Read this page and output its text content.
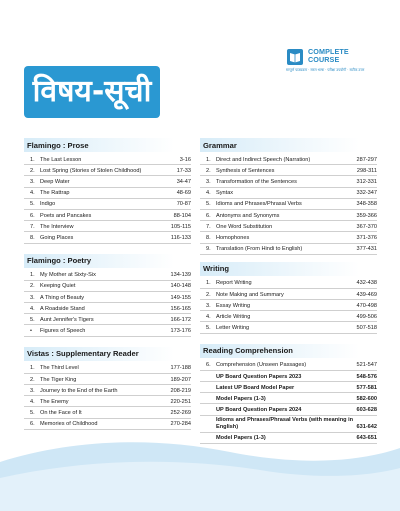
COMPLETE
COURSE
सम्पूर्ण पाठ्यक्रम · सरल भाषा · परीक्षा उपयोगी · सटीक उत्तर
विषय-सूची
Flamingo : Prose
1. The Last Lesson	3-16
2. Lost Spring (Stories of Stolen Childhood)	17-33
3. Deep Water	34-47
4. The Rattrap	48-69
5. Indigo	70-87
6. Poets and Pancakes	88-104
7. The Interview	105-115
8. Going Places	116-133
Flamingo : Poetry
1. My Mother at Sixty-Six	134-139
2. Keeping Quiet	140-148
3. A Thing of Beauty	149-155
4. A Roadside Stand	156-165
5. Aunt Jennifer's Tigers	166-172
•	Figures of Speech	173-176
Vistas : Supplementary Reader
1. The Third Level	177-188
2. The Tiger King	189-207
3. Journey to the End of the Earth	208-219
4. The Enemy	220-251
5. On the Face of It	252-269
6. Memories of Childhood	270-284
Grammar
1. Direct and Indirect Speech (Narration)	287-297
2. Synthesis of Sentences	298-311
3. Transformation of the Sentences	312-331
4. Syntax	332-347
5. Idioms and Phrases/Phrasal Verbs	348-358
6. Antonyms and Synonyms	359-366
7. One Word Substitution	367-370
8. Homophones	371-376
9. Translation (From Hindi to English)	377-431
Writing
1. Report Writing	432-438
2. Note Making and Summary	439-469
3. Essay Writing	470-498
4. Article Writing	499-506
5. Letter Writing	507-518
Reading Comprehension
6. Comprehension (Unseen Passages)	521-547
UP Board Question Papers 2023	548-576
Latest UP Board Model Paper	577-581
Model Papers (1-3)	582-600
UP Board Question Papers 2024	603-628
Idioms and Phrases/Phrasal Verbs (with meaning in English)	631-642
Model Papers (1-3)	643-651
